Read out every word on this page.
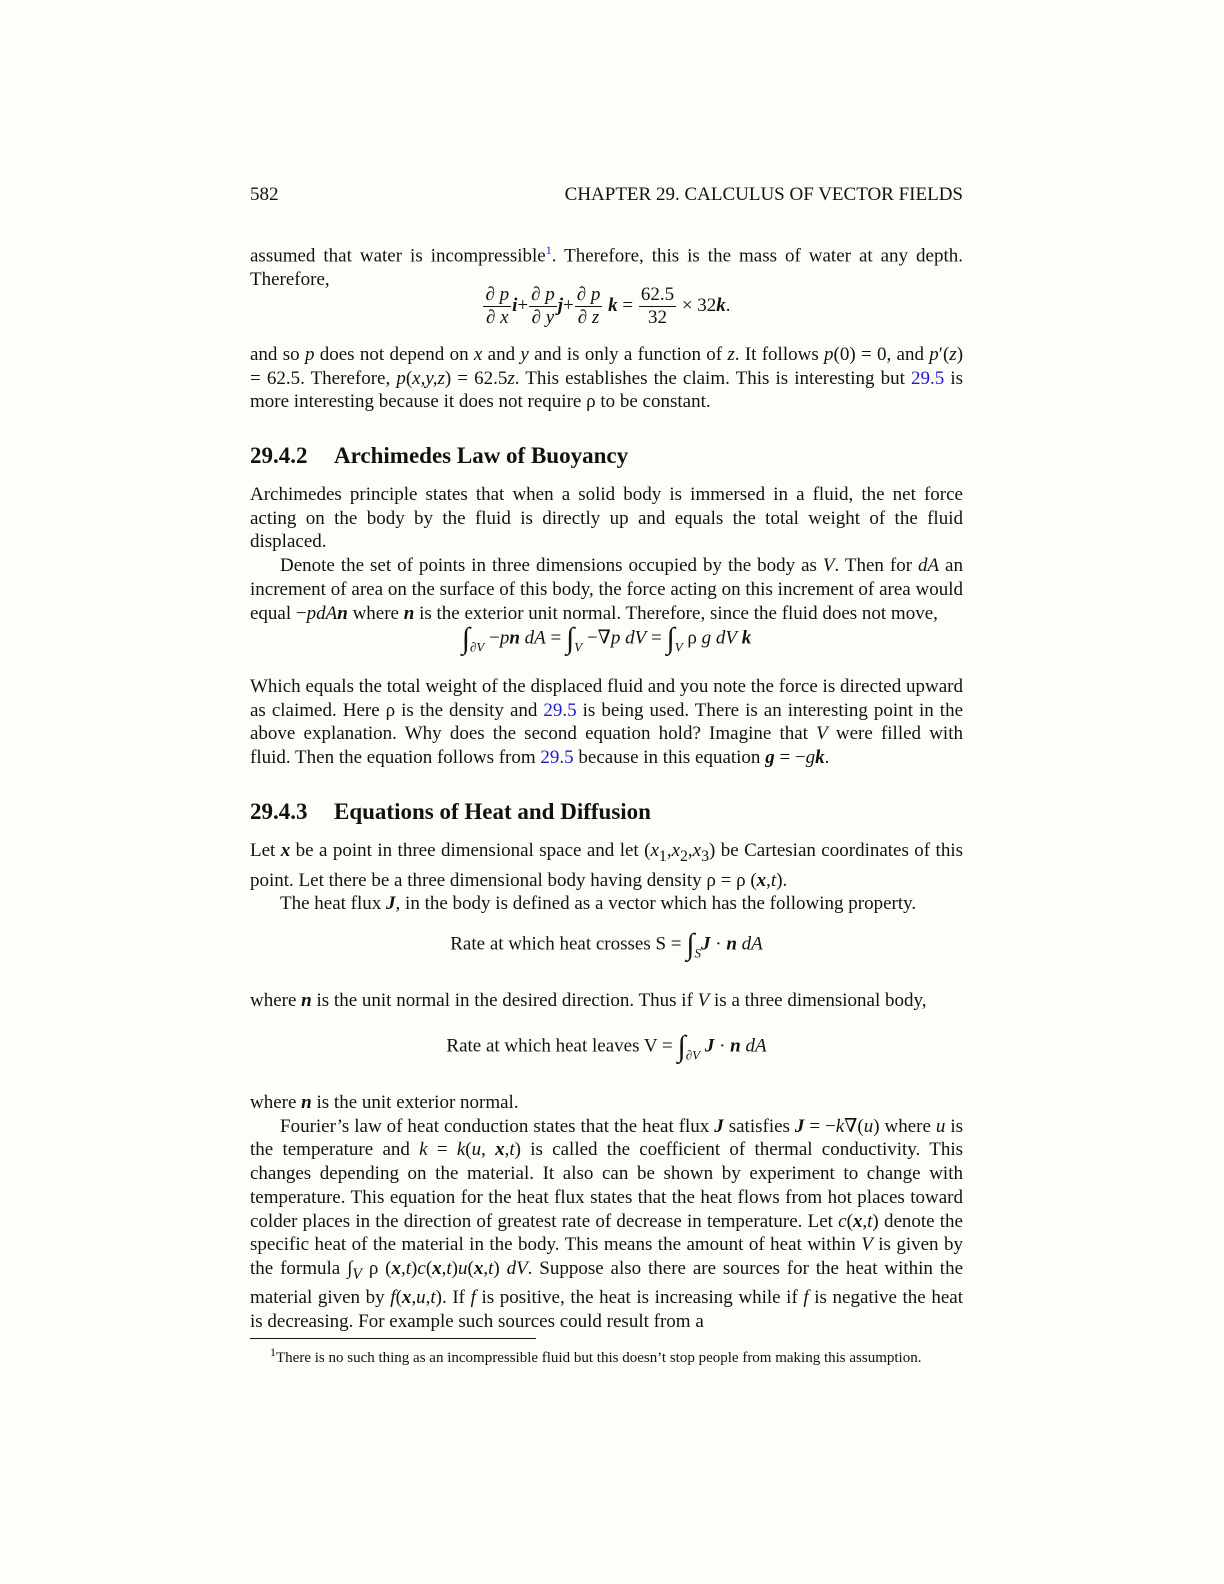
582	CHAPTER 29. CALCULUS OF VECTOR FIELDS

assumed that water is incompressible$^1$. Therefore, this is the mass of water at any depth. Therefore,

$\frac{\partial p}{\partial x} i+ \frac{\partial p}{\partial y} j+ \frac{\partial p}{\partial z}$ $k = \frac{62.5}{32} \times 32k$.

and so p does not depend on x and y and is only a function of z. It follows p(0) = 0, and p′(z) = 62.5. Therefore, p(x,y,z) = 62.5z. This establishes the claim. This is interesting but 29.5 is more interesting because it does not require ρ to be constant.

29.4.2 Archimedes Law of Buoyancy

Archimedes principle states that when a solid body is immersed in a fluid, the net force acting on the body by the fluid is directly up and equals the total weight of the fluid displaced.

Denote the set of points in three dimensions occupied by the body as V. Then for dA an increment of area on the surface of this body, the force acting on this increment of area would equal −pdAn where n is the exterior unit normal. Therefore, since the fluid does not move,

$\int_{\partial V} -pn$ dA = $\int_V -\nabla p$ dV = $\int_V$ ρ g dV k

Which equals the total weight of the displaced fluid and you note the force is directed upward as claimed. Here ρ is the density and 29.5 is being used. There is an interesting point in the above explanation. Why does the second equation hold? Imagine that V were filled with fluid. Then the equation follows from 29.5 because in this equation g = −gk.

29.4.3 Equations of Heat and Diffusion

Let x be a point in three dimensional space and let $(x_1,x_2,x_3)$ be Cartesian coordinates of this point. Let there be a three dimensional body having density ρ = ρ (x,t).

The heat flux J, in the body is defined as a vector which has the following property.

Rate at which heat crosses $S = \int_SJ \cdot n$ dA

where n is the unit normal in the desired direction. Thus if V is a three dimensional body,

Rate at which heat leaves $V = \int_{\partial V}$ J · n dA

where n is the unit exterior normal.

Fourier’s law of heat conduction states that the heat flux J satisfies J = −k∇(u) where u is the temperature and k = k(u, x,t) is called the coefficient of thermal conductivity. This changes depending on the material. It also can be shown by experiment to change with temperature. This equation for the heat flux states that the heat flows from hot places toward colder places in the direction of greatest rate of decrease in temperature. Let c(x,t) denote the specific heat of the material in the body. This means the amount of heat within V is given by the formula $\int_V$ ρ (x,t)c(x,t)u(x,t) dV. Suppose also there are sources for the heat within the material given by f(x,u,t). If f is positive, the heat is increasing while if f is negative the heat is decreasing. For example such sources could result from a

$^1$There is no such thing as an incompressible fluid but this doesn’t stop people from making this assumption.
